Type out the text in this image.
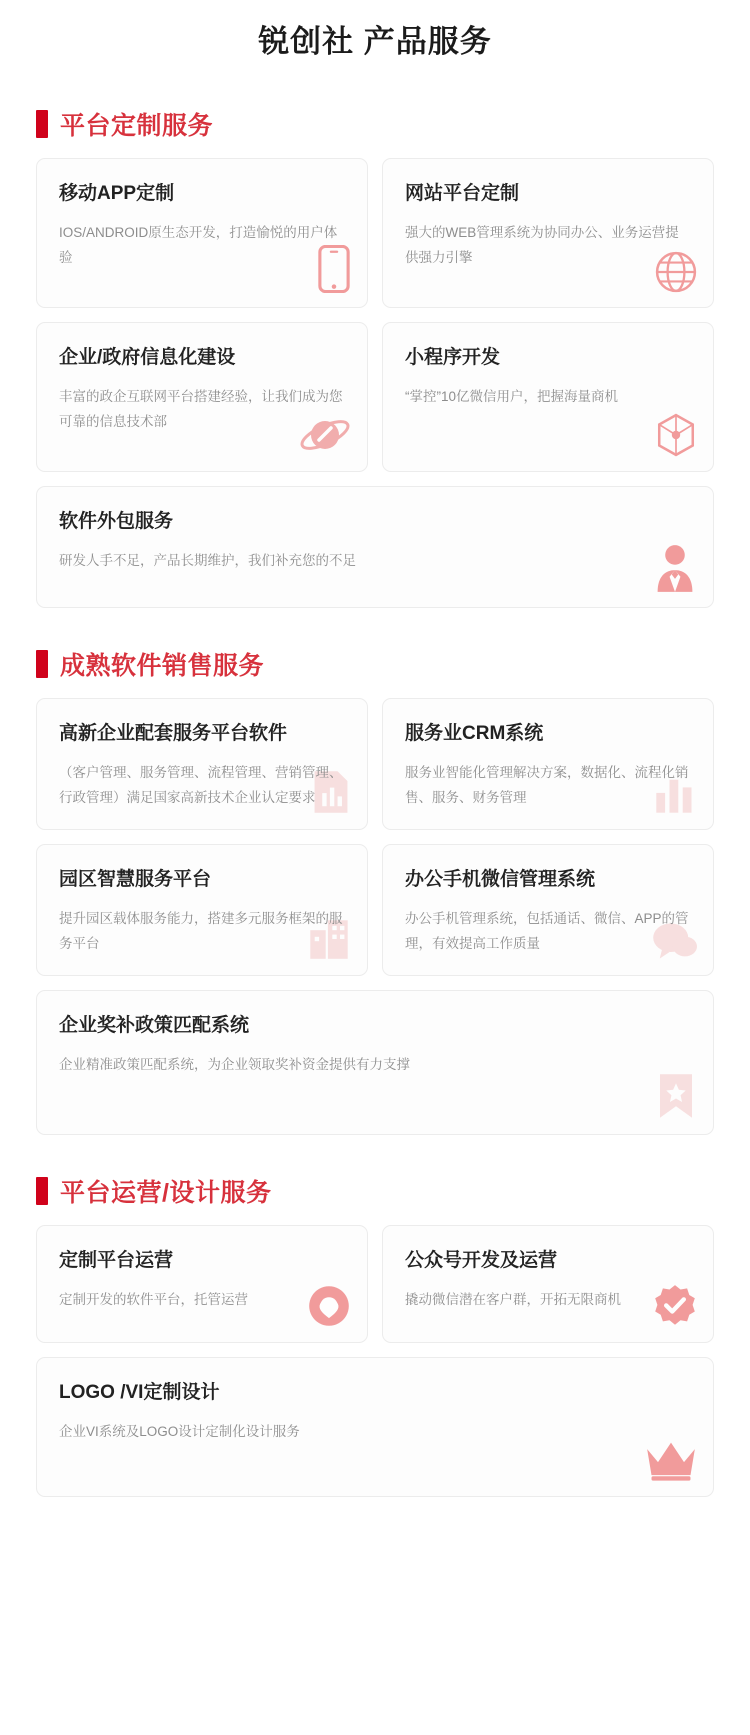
锐创社 产品服务
平台定制服务
移动APP定制
IOS/ANDROID原生态开发，打造愉悦的用户体验
网站平台定制
强大的WEB管理系统为协同办公、业务运营提供强力引擎
企业/政府信息化建设
丰富的政企互联网平台搭建经验，让我们成为您可靠的信息技术部
小程序开发
“掌控”10亿微信用户，把握海量商机
软件外包服务
研发人手不足，产品长期维护，我们补充您的不足
成熟软件销售服务
高新企业配套服务平台软件
（客户管理、服务管理、流程管理、营销管理、行政管理）满足国家高新技术企业认定要求
服务业CRM系统
服务业智能化管理解决方案，数据化、流程化销售、服务、财务管理
园区智慧服务平台
提升园区载体服务能力，搭建多元服务框架的服务平台
办公手机微信管理系统
办公手机管理系统，包括通话、微信、APP的管理，有效提高工作质量
企业奖补政策匹配系统
企业精准政策匹配系统，为企业领取奖补资金提供有力支撑
平台运营/设计服务
定制平台运营
定制开发的软件平台，托管运营
公众号开发及运营
撬动微信潜在客户群，开拓无限商机
LOGO /VI定制设计
企业VI系统及LOGO设计定制化设计服务
